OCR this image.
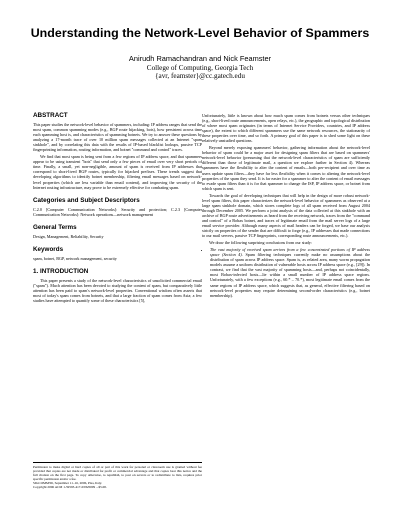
Understanding the Network-Level Behavior of Spammers
Anirudh Ramachandran and Nick Feamster
College of Computing, Georgia Tech
{avr, feamster}@cc.gatech.edu
ABSTRACT

This paper studies the network-level behavior of spammers, including: IP address ranges that send the most spam, common spamming modes (e.g., BGP route hijacking, bots), how persistent across time each spamming host is, and characteristics of spamming botnets. We try to answer these questions by analyzing a 17-month trace of over 10 million spam messages collected at an Internet "spam sinkhole", and by correlating this data with the results of IP-based blacklist lookups, passive TCP fingerprinting information, routing information, and botnet "command and control" traces.

We find that most spam is being sent from a few regions of IP address space, and that spammers appear to be using transient "bots" that send only a few pieces of email over very short periods of time. Finally, a small, yet non-negligible, amount of spam is received from IP addresses that correspond to short-lived BGP routes, typically for hijacked prefixes. These trends suggest that developing algorithms to identify botnet membership, filtering email messages based on network-level properties (which are less variable than email content), and improving the security of the Internet routing infrastructure, may prove to be extremely effective for combating spam.

Categories and Subject Descriptors

C.2.0 [Computer Communication Networks]: Security and protection; C.2.3 [Computer Communication Networks]: Network operations—network management

General Terms

Design, Management, Reliability, Security

Keywords

spam, botnet, BGP, network management, security

1. INTRODUCTION

This paper presents a study of the network-level characteristics of unsolicited commercial email ("spam"). Much attention has been devoted to studying the content of spam, but comparatively little attention has been paid to spam's network-level properties. Conventional wisdom often asserts that most of today's spam comes from botnets, and that a large fraction of spam comes from Asia; a few studies have attempted to quantify some of these characteristics [5],

Permission to make digital or hard copies of all or part of this work for personal or classroom use is granted without fee provided that copies are not made or distributed for profit or commercial advantage and that copies bear this notice and the full citation on the first page. To copy otherwise, to republish, to post on servers or to redistribute to lists, requires prior specific permission and/or a fee.
SIGCOMM'06, September 11–16, 2006, Pisa, Italy.
Copyright 2006 ACM 1-59593-417-0/06/0009 ...$5.00.

Unfortunately, little is known about how much spam comes from botnets versus other techniques (e.g., short-lived route announcements, open relays, etc.), the geographic and topological distribution of where most spam originates (in terms of Internet Service Providers, countries, and IP address space), the extent to which different spammers use the same network resources, the stationarity of these properties over time, and so forth. A primary goal of this paper is to shed some light on these relatively unstudied questions.

Beyond merely exposing spammers' behavior, gathering information about the network-level behavior of spam could be a major asset for designing spam filters that are based on spammers' network-level behavior (presuming that the network-level characteristics of spam are sufficiently different than those of legitimate mail, a question we explore further in Section 4). Whereas spammers have the flexibility to alter the content of emails—both per-recipient and over time as users update spam filters—they have far less flexibility when it comes to altering the network-level properties of the spam they send. It is far easier for a spammer to alter the content of email messages to evade spam filters than it is for that spammer to change the ISP, IP address space, or botnet from which spam is sent.

Towards the goal of developing techniques that will help in the design of more robust network-level spam filters, this paper characterizes the network-level behavior of spammers as observed at a large spam sinkhole domain, which stores complete logs of all spam received from August 2004 through December 2005. We perform a joint analysis of the data collected at this sinkhole with an archive of BGP route advertisements as heard from the receiving network, traces from the "command and control" of a Bobax botnet, and traces of legitimate email from the mail server logs of a large email service provider. Although many aspects of mail headers can be forged, we base our analysis strictly on properties of the sender that are difficult to forge (e.g., IP addresses that made connections to our mail servers, passive TCP fingerprints, corresponding route announcements, etc.).

We draw the following surprising conclusions from our study:

• The vast majority of received spam arrives from a few concentrated portions of IP address space (Section 4). Spam filtering techniques currently make no assumptions about the distribution of spam across IP address space. Spam is, as related area, many worm propagation models assume a uniform distribution of vulnerable hosts across IP address space (e.g., [29]). In contrast, we find that the vast majority of spamming hosts—and, perhaps not coincidentally, most Bobax-infected hosts—lie within a small number of IP address space regions. Unfortunately, with a few exceptions (e.g., 60.* – 70.*), most legitimate email comes from the same regions of IP address space, which suggests that, as general, effective filtering based on network-level properties may require determining second-order characteristics (e.g., botnet membership).
